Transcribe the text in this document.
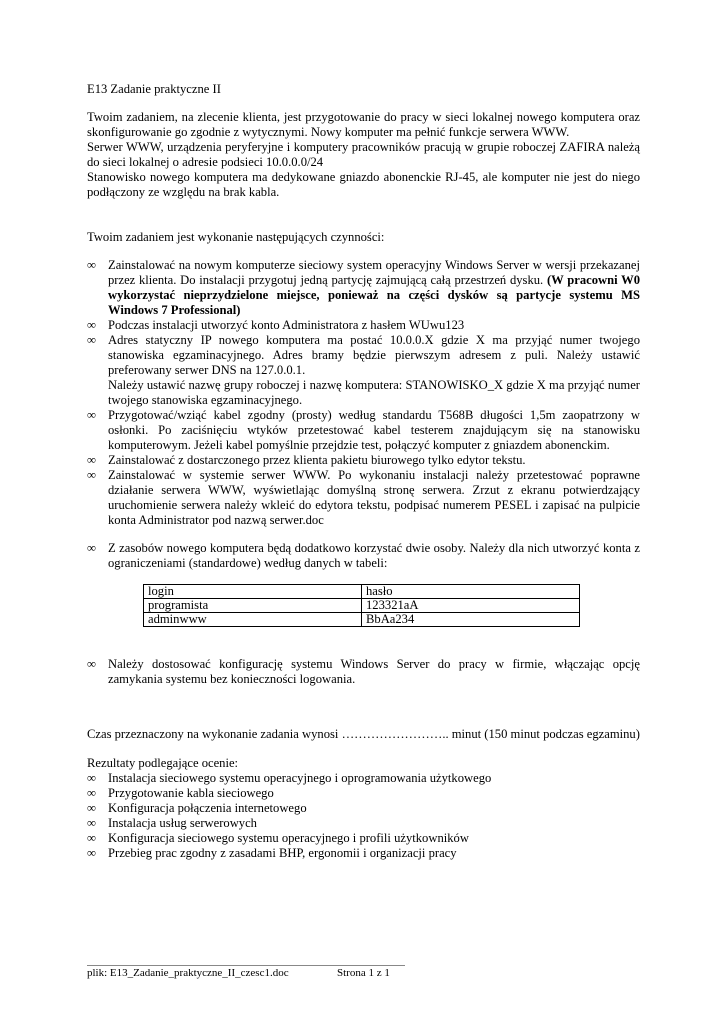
E13 Zadanie praktyczne II

Twoim zadaniem, na zlecenie klienta, jest przygotowanie do pracy w sieci lokalnej nowego komputera oraz skonfigurowanie go zgodnie z wytycznymi. Nowy komputer ma pełnić funkcje serwera WWW.

Serwer WWW, urządzenia peryferyjne i komputery pracowników pracują w grupie roboczej ZAFIRA należą do sieci lokalnej o adresie podsieci 10.0.0.0/24

Stanowisko nowego komputera ma dedykowane gniazdo abonenckie RJ-45, ale komputer nie jest do niego podłączony ze względu na brak kabla.

Twoim zadaniem jest wykonanie następujących czynności:

∞ Zainstalować na nowym komputerze sieciowy system operacyjny Windows Server w wersji przekazanej przez klienta. Do instalacji przygotuj jedną partycję zajmującą całą przestrzeń dysku. (W pracowni W0 wykorzystać nieprzydzielone miejsce, ponieważ na części dysków są partycje systemu MS Windows 7 Professional)
∞ Podczas instalacji utworzyć konto Administratora z hasłem WUwu123
∞ Adres statyczny IP nowego komputera ma postać 10.0.0.X gdzie X ma przyjąć numer twojego stanowiska egzaminacyjnego. Adres bramy będzie pierwszym adresem z puli. Należy ustawić preferowany serwer DNS na 127.0.0.1.
Należy ustawić nazwę grupy roboczej i nazwę komputera: STANOWISKO_X gdzie X ma przyjąć numer twojego stanowiska egzaminacyjnego.
∞ Przygotować/wziąć kabel zgodny (prosty) według standardu T568B długości 1,5m zaopatrzony w osłonki. Po zaciśnięciu wtyków przetestować kabel testerem znajdującym się na stanowisku komputerowym. Jeżeli kabel pomyślnie przejdzie test, połączyć komputer z gniazdem abonenckim.
∞ Zainstalować z dostarczonego przez klienta pakietu biurowego tylko edytor tekstu.
∞ Zainstalować w systemie serwer WWW. Po wykonaniu instalacji należy przetestować poprawne działanie serwera WWW, wyświetlając domyślną stronę serwera. Zrzut z ekranu potwierdzający uruchomienie serwera należy wkleić do edytora tekstu, podpisać numerem PESEL i zapisać na pulpicie konta Administrator pod nazwą serwer.doc
∞ Z zasobów nowego komputera będą dodatkowo korzystać dwie osoby. Należy dla nich utworzyć konta z ograniczeniami (standardowe) według danych w tabeli:
login	hasło
programista	123321aA
adminwww	BbAa234
∞ Należy dostosować konfigurację systemu Windows Server do pracy w firmie, włączając opcję zamykania systemu bez konieczności logowania.

Czas przeznaczony na wykonanie zadania wynosi …………………….. minut (150 minut podczas egzaminu)

Rezultaty podlegające ocenie:

∞ Instalacja sieciowego systemu operacyjnego i oprogramowania użytkowego
∞ Przygotowanie kabla sieciowego
∞ Konfiguracja połączenia internetowego
∞ Instalacja usług serwerowych
∞ Konfiguracja sieciowego systemu operacyjnego i profili użytkowników
∞ Przebieg prac zgodny z zasadami BHP, ergonomii i organizacji pracy
plik: E13_Zadanie_praktyczne_II_czesc1.doc	Strona 1 z 1
